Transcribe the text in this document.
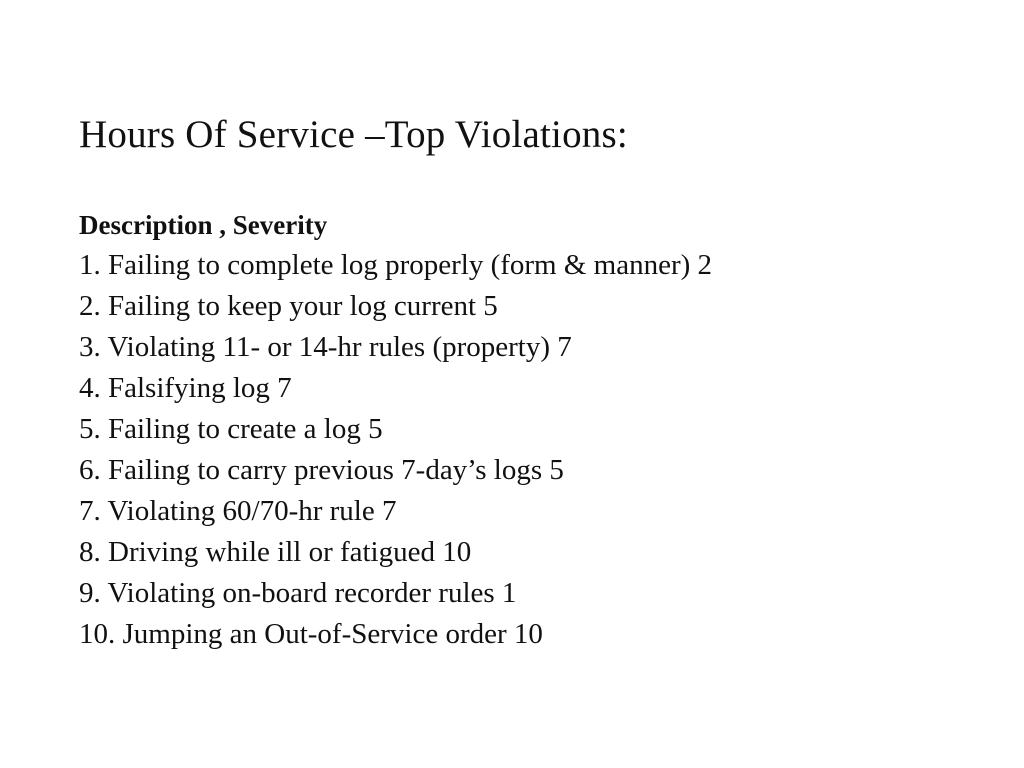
Hours Of Service –Top Violations:
Description , Severity
1. Failing to complete log properly (form & manner) 2
2. Failing to keep your log current 5
3. Violating 11- or 14-hr rules (property) 7
4. Falsifying log 7
5. Failing to create a log 5
6. Failing to carry previous 7-day’s logs 5
7. Violating 60/70-hr rule 7
8. Driving while ill or fatigued 10
9. Violating on-board recorder rules 1
10. Jumping an Out-of-Service order 10
